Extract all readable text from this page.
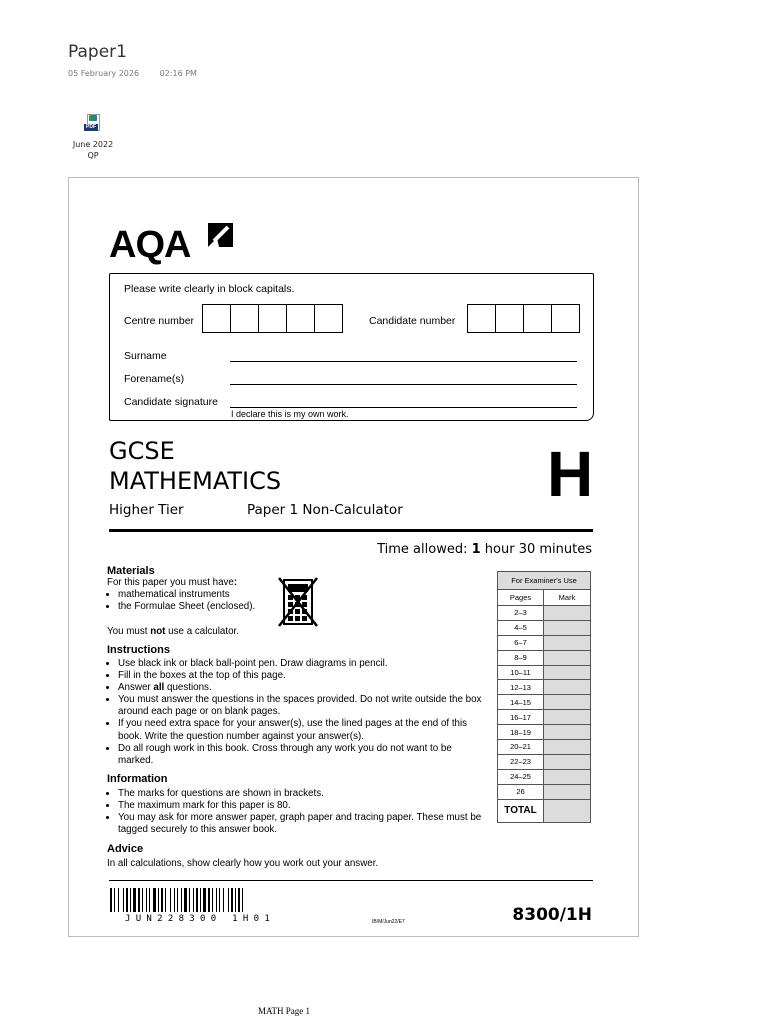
Paper1
05 February 2026	02:16 PM
PDF
June 2022
QP
AQA
Please write clearly in block capitals.
Centre number	Candidate number
Surname
Forename(s)
Candidate signature
I declare this is my own work.
GCSE
MATHEMATICS	H
Higher Tier	Paper 1 Non-Calculator
Time allowed: 1 hour 30 minutes
Materials
For this paper you must have:
• mathematical instruments
• the Formulae Sheet (enclosed).
You must not use a calculator.
Instructions
• Use black ink or black ball-point pen. Draw diagrams in pencil.
• Fill in the boxes at the top of this page.
• Answer all questions.
• You must answer the questions in the spaces provided. Do not write outside the box around each page or on blank pages.
• If you need extra space for your answer(s), use the lined pages at the end of this book. Write the question number against your answer(s).
• Do all rough work in this book. Cross through any work you do not want to be marked.
Information
• The marks for questions are shown in brackets.
• The maximum mark for this paper is 80.
• You may ask for more answer paper, graph paper and tracing paper. These must be tagged securely to this answer book.
Advice
In all calculations, show clearly how you work out your answer.
For Examiner's Use	
Pages	Mark
2–3	
4–5	
6–7	
8–9	
10–11	
12–13	
14–15	
16–17	
18–19	
20–21	
22–23	
24–25	
26	
TOTAL	
JUN228300 1H01	IB/M/Jun22/E7	8300/1H
MATH Page 1
